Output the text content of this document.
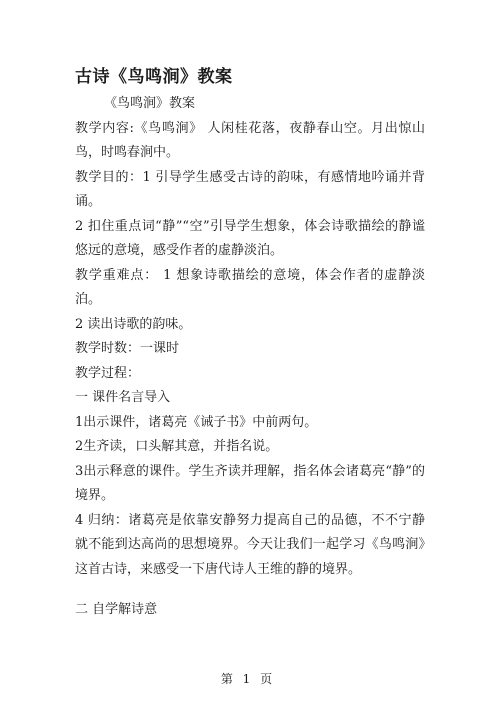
古诗《鸟鸣涧》教案

《鸟鸣涧》教案

教学内容:《鸟鸣涧》 人闲桂花落，夜静春山空。月出惊山鸟，时鸣春涧中。

教学目的：1 引导学生感受古诗的韵味，有感情地吟诵并背诵。

2 扣住重点词“静”“空”引导学生想象，体会诗歌描绘的静谧悠远的意境，感受作者的虚静淡泊。

教学重难点： 1 想象诗歌描绘的意境，体会作者的虚静淡泊。

2 读出诗歌的韵味。

教学时数：一课时

教学过程：

一 课件名言导入

1出示课件，诸葛亮《诫子书》中前两句。

2生齐读，口头解其意，并指名说。

3出示释意的课件。学生齐读并理解，指名体会诸葛亮“静”的境界。

4 归纳：诸葛亮是依靠安静努力提高自己的品德，不不宁静就不能到达高尚的思想境界。今天让我们一起学习《鸟鸣涧》这首古诗，来感受一下唐代诗人王维的静的境界。

二 自学解诗意

第 1 页
